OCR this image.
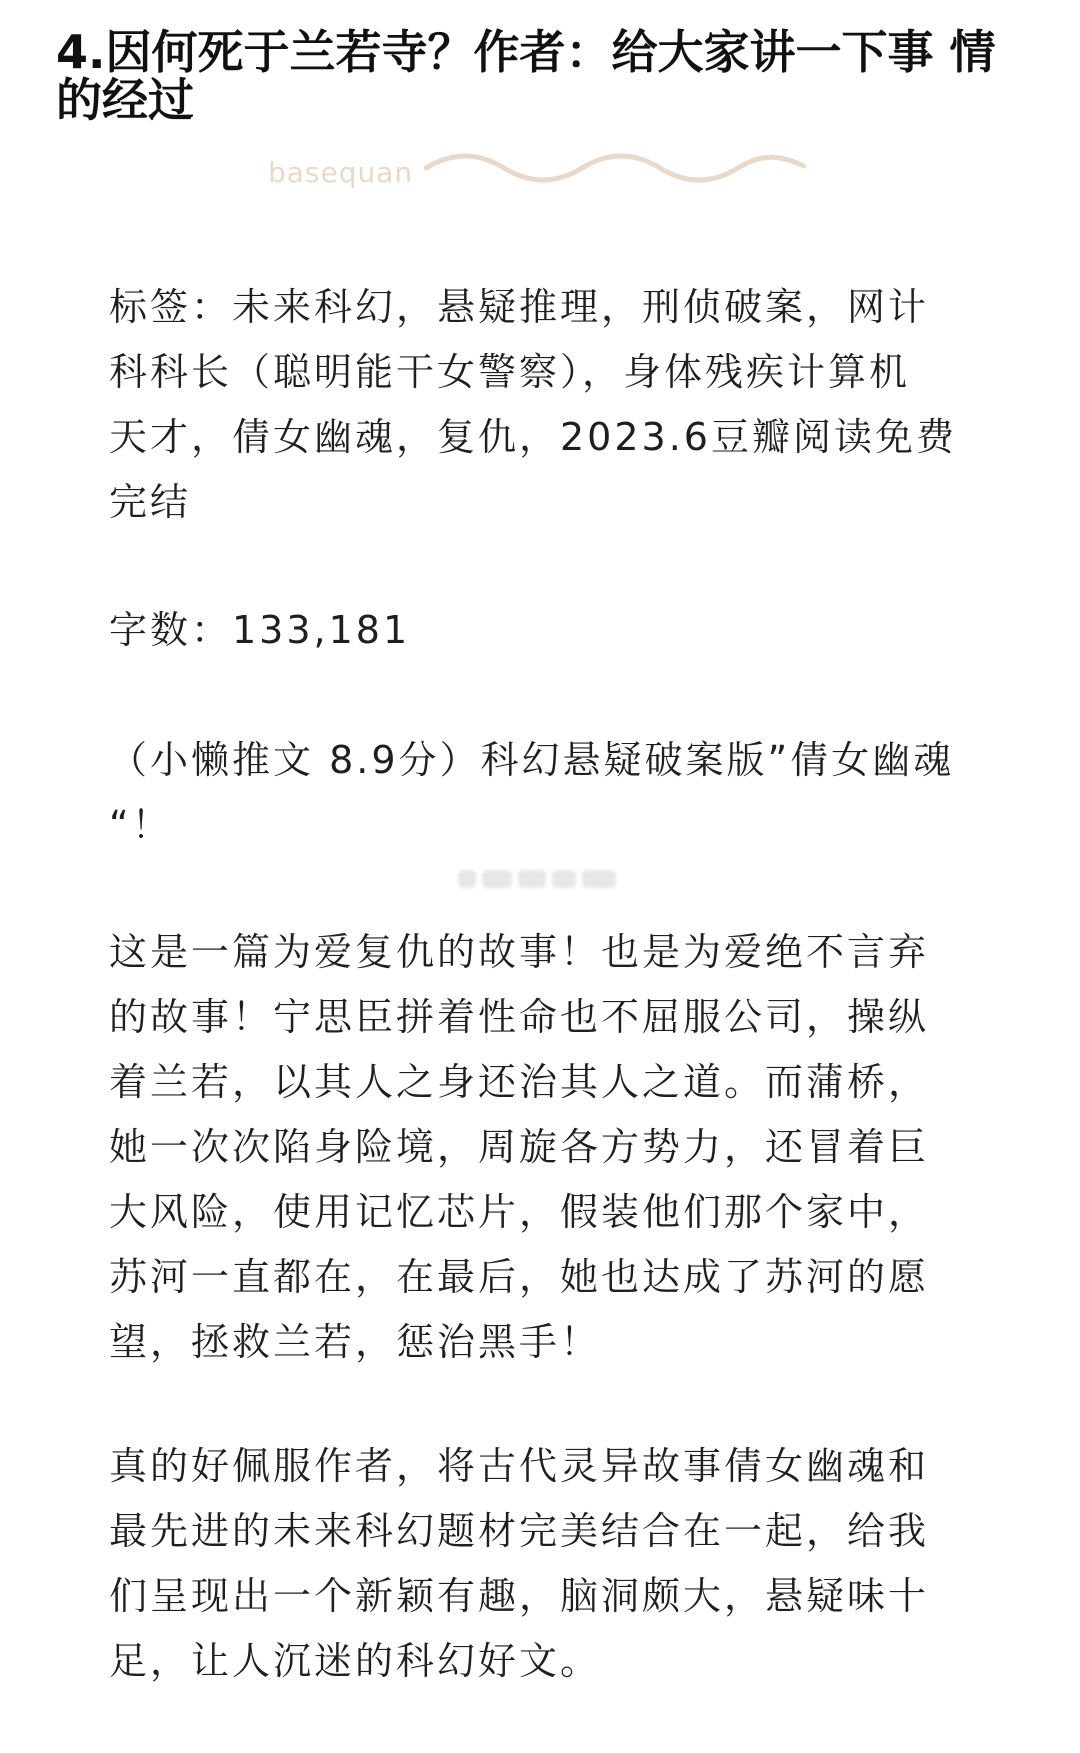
4.因何死于兰若寺？作者：给大家讲一下事 情的经过
basequan

标签：未来科幻，悬疑推理，刑侦破案，网计
科科长（聪明能干女警察），身体残疾计算机
天才，倩女幽魂，复仇，2023.6豆瓣阅读免费
完结

字数：133,181

（小懒推文 8.9分）科幻悬疑破案版”倩女幽魂
“！

这是一篇为爱复仇的故事！也是为爱绝不言弃
的故事！宁思臣拼着性命也不屈服公司，操纵
着兰若，以其人之身还治其人之道。而蒲桥，
她一次次陷身险境，周旋各方势力，还冒着巨
大风险，使用记忆芯片，假装他们那个家中，
苏河一直都在，在最后，她也达成了苏河的愿
望，拯救兰若，惩治黑手！

真的好佩服作者，将古代灵异故事倩女幽魂和
最先进的未来科幻题材完美结合在一起，给我
们呈现出一个新颖有趣，脑洞颇大，悬疑味十
足，让人沉迷的科幻好文。
